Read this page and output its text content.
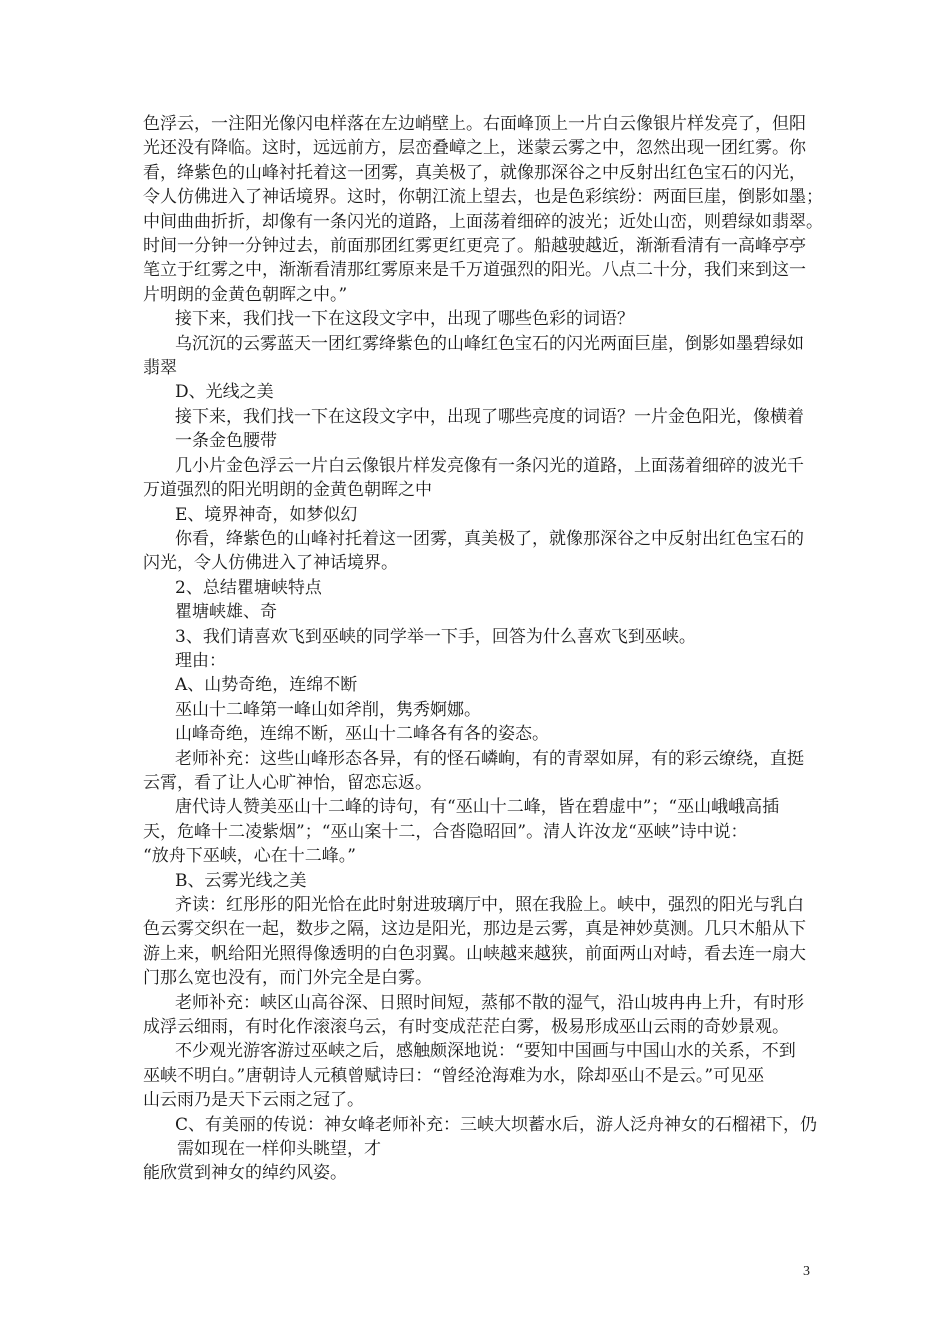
色浮云，一注阳光像闪电样落在左边峭壁上。右面峰顶上一片白云像银片样发亮了，但阳

光还没有降临。这时，远远前方，层峦叠嶂之上，迷蒙云雾之中，忽然出现一团红雾。你

看，绛紫色的山峰衬托着这一团雾，真美极了，就像那深谷之中反射出红色宝石的闪光，

令人仿佛进入了神话境界。这时，你朝江流上望去，也是色彩缤纷：两面巨崖，倒影如墨；

中间曲曲折折，却像有一条闪光的道路，上面荡着细碎的波光；近处山峦，则碧绿如翡翠。

时间一分钟一分钟过去，前面那团红雾更红更亮了。船越驶越近，渐渐看清有一高峰亭亭

笔立于红雾之中，渐渐看清那红雾原来是千万道强烈的阳光。八点二十分，我们来到这一

片明朗的金黄色朝晖之中。”

接下来，我们找一下在这段文字中，出现了哪些色彩的词语？

乌沉沉的云雾蓝天一团红雾绛紫色的山峰红色宝石的闪光两面巨崖，倒影如墨碧绿如

翡翠

D、光线之美

接下来，我们找一下在这段文字中，出现了哪些亮度的词语？一片金色阳光，像横着

一条金色腰带

几小片金色浮云一片白云像银片样发亮像有一条闪光的道路，上面荡着细碎的波光千

万道强烈的阳光明朗的金黄色朝晖之中

E、境界神奇，如梦似幻

你看，绛紫色的山峰衬托着这一团雾，真美极了，就像那深谷之中反射出红色宝石的

闪光，令人仿佛进入了神话境界。

2、总结瞿塘峡特点

瞿塘峡雄、奇

3、我们请喜欢飞到巫峡的同学举一下手，回答为什么喜欢飞到巫峡。

理由：

A、山势奇绝，连绵不断

巫山十二峰第一峰山如斧削，隽秀婀娜。

山峰奇绝，连绵不断，巫山十二峰各有各的姿态。

老师补充：这些山峰形态各异，有的怪石嶙峋，有的青翠如屏，有的彩云缭绕，直挺

云霄，看了让人心旷神怡，留恋忘返。

唐代诗人赞美巫山十二峰的诗句，有“巫山十二峰，皆在碧虚中”；“巫山峨峨高插

天，危峰十二凌紫烟”；“巫山案十二，合沓隐昭回”。清人许汝龙“巫峡”诗中说：

“放舟下巫峡，心在十二峰。”

B、云雾光线之美

齐读：红彤彤的阳光恰在此时射进玻璃厅中，照在我脸上。峡中，强烈的阳光与乳白

色云雾交织在一起，数步之隔，这边是阳光，那边是云雾，真是神妙莫测。几只木船从下

游上来，帆给阳光照得像透明的白色羽翼。山峡越来越狭，前面两山对峙，看去连一扇大

门那么宽也没有，而门外完全是白雾。

老师补充：峡区山高谷深、日照时间短，蒸郁不散的湿气，沿山坡冉冉上升，有时形

成浮云细雨，有时化作滚滚乌云，有时变成茫茫白雾，极易形成巫山云雨的奇妙景观。

不少观光游客游过巫峡之后，感触颇深地说：“要知中国画与中国山水的关系，不到

巫峡不明白。”唐朝诗人元稹曾赋诗曰：“曾经沧海难为水，除却巫山不是云。”可见巫

山云雨乃是天下云雨之冠了。

C、有美丽的传说：神女峰老师补充：三峡大坝蓄水后，游人泛舟神女的石榴裙下，仍

需如现在一样仰头眺望，才

能欣赏到神女的绰约风姿。

3
